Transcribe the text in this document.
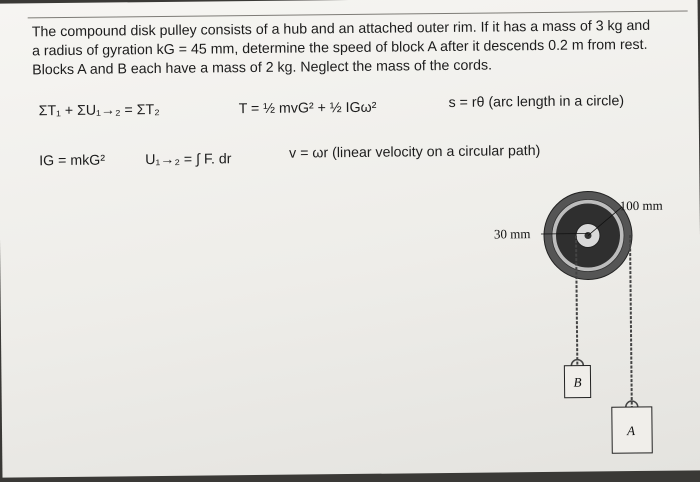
The compound disk pulley consists of a hub and an attached outer rim. If it has a mass of 3 kg and
a radius of gyration kG = 45 mm, determine the speed of block A after it descends 0.2 m from rest.
Blocks A and B each have a mass of 2 kg. Neglect the mass of the cords.
ΣT₁ + ΣU₁→₂ = ΣT₂	T = ½ mvG² + ½ IGω²	s = rθ (arc length in a circle)
IG = mkG²	U₁→₂ = ∫ F. dr	v = ωr (linear velocity on a circular path)
100 mm
30 mm
B
A
